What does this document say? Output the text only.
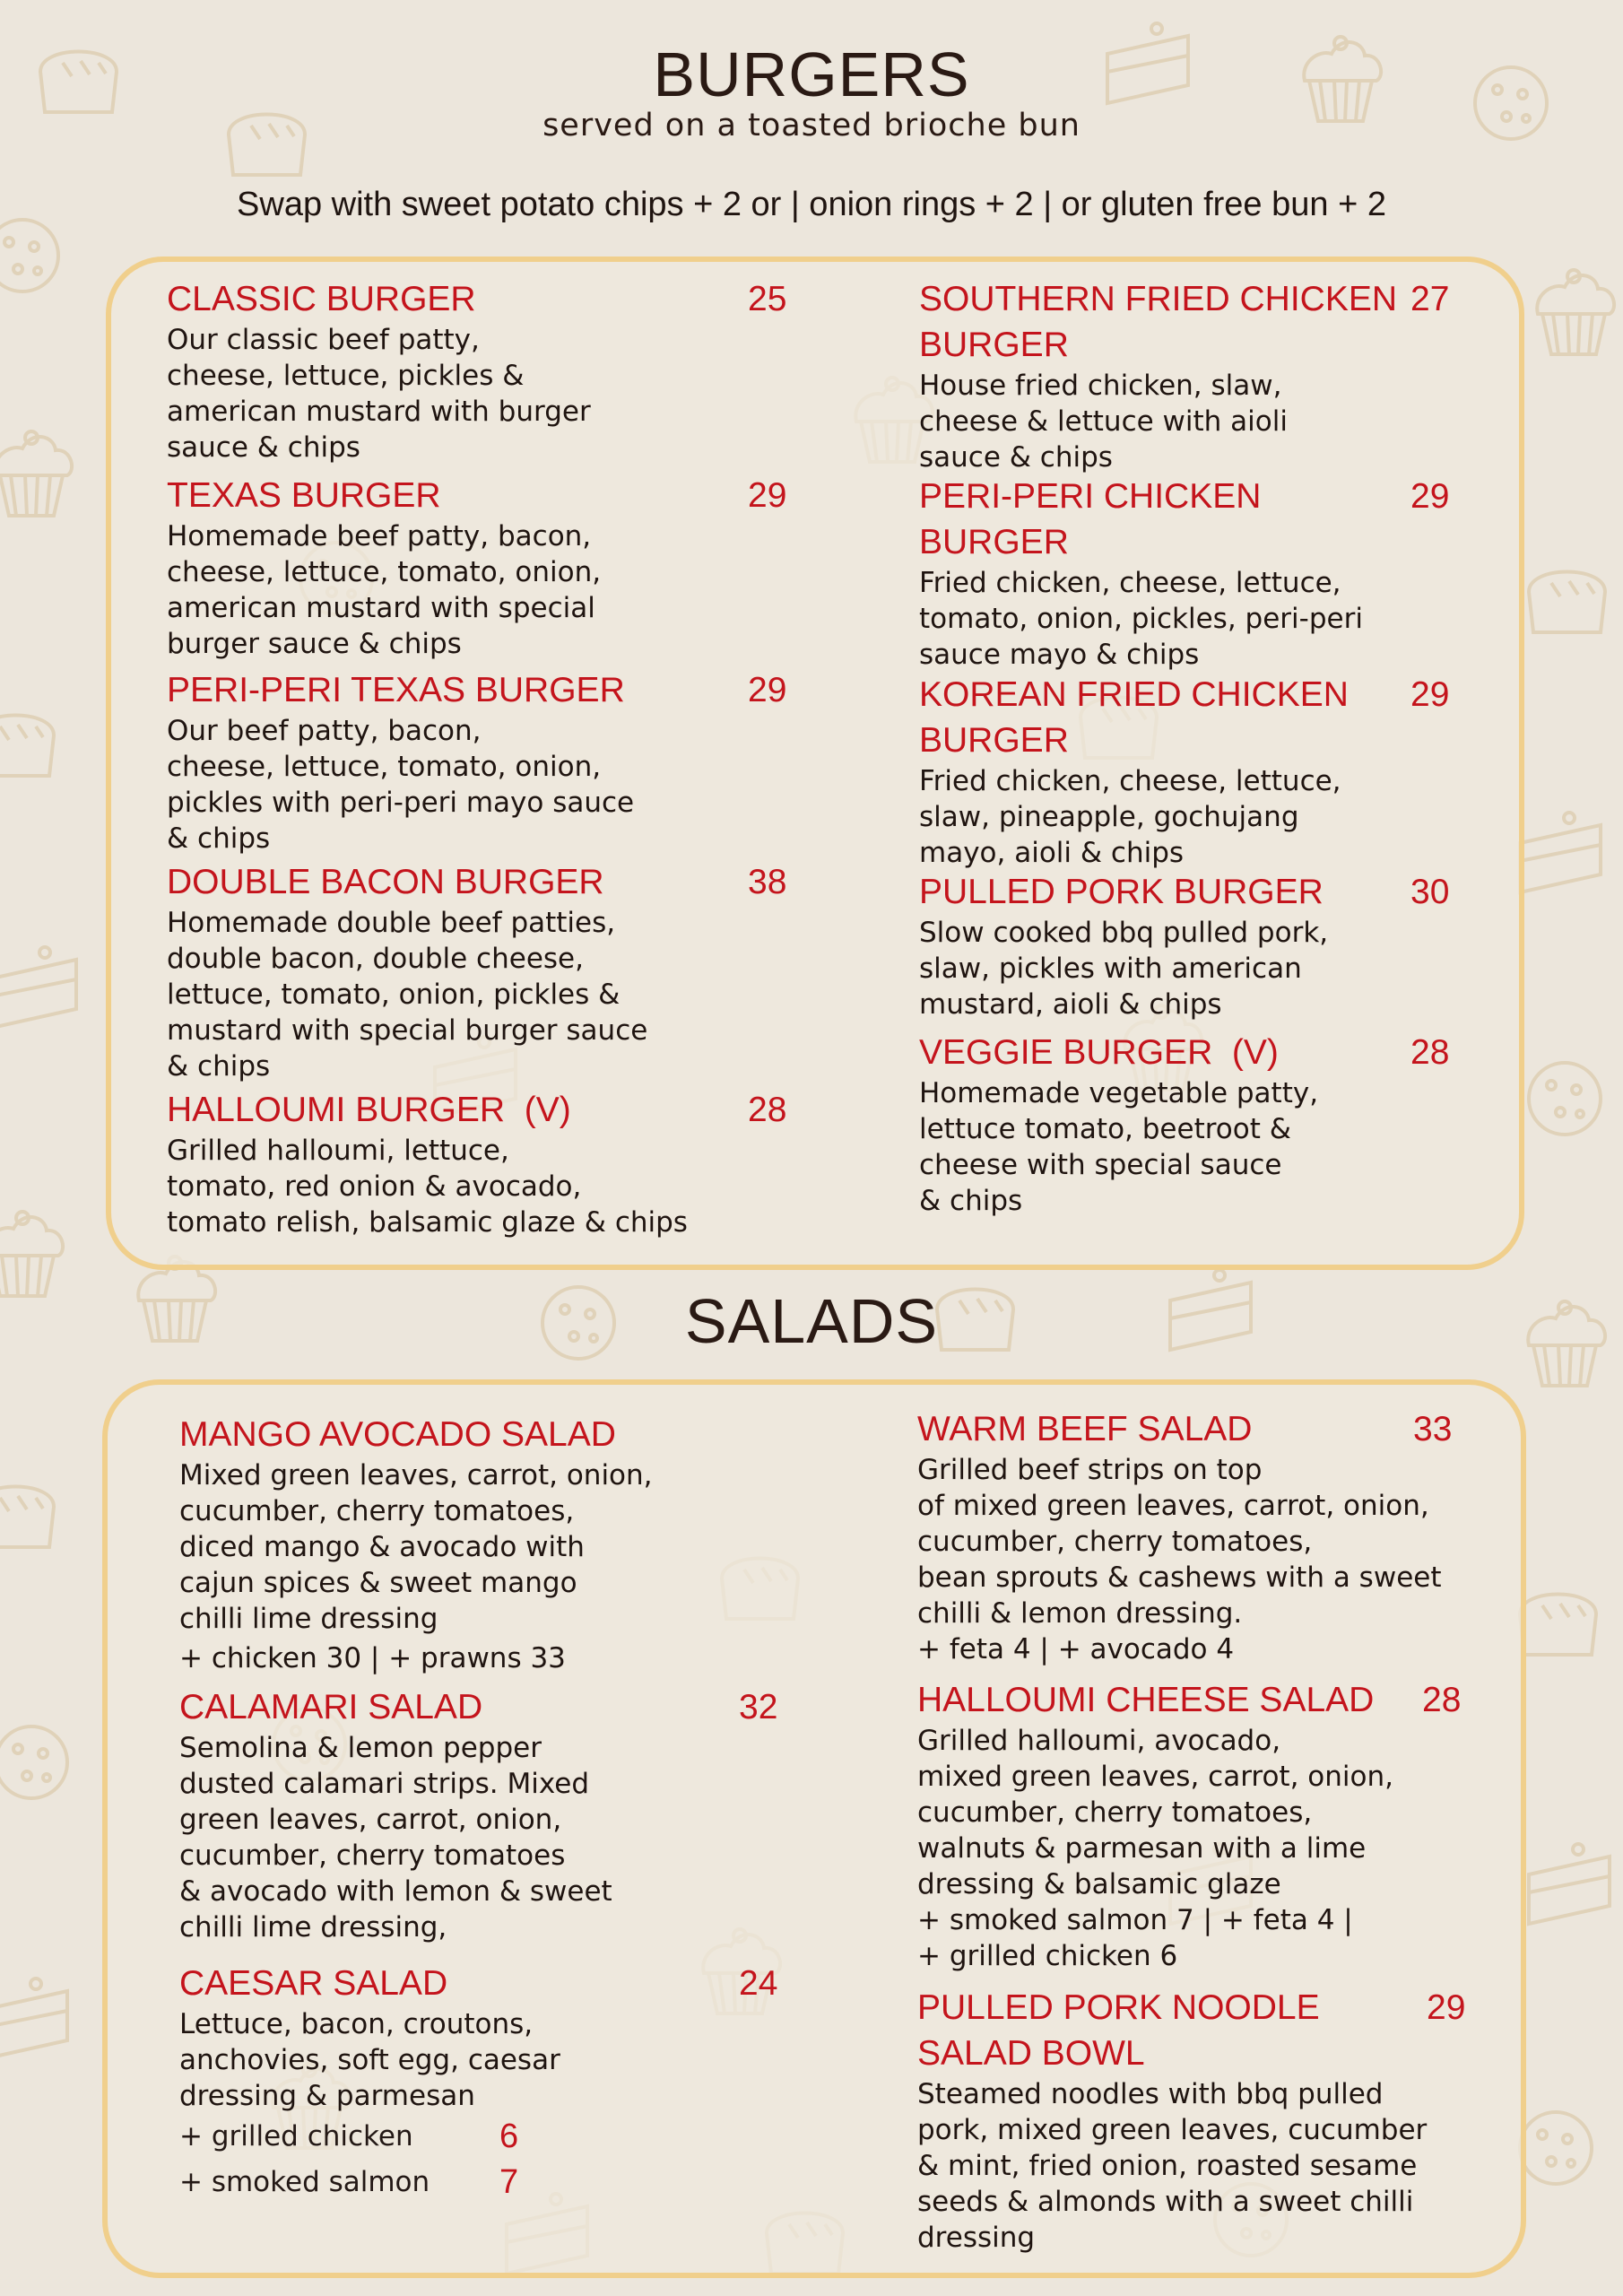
BURGERS
served on a toasted brioche bun
Swap with sweet potato chips + 2 or | onion rings + 2 | or gluten free bun + 2
CLASSIC BURGER	25

Our classic beef patty,
cheese, lettuce, pickles &
american mustard with burger
sauce & chips

TEXAS BURGER	29

Homemade beef patty, bacon,
cheese, lettuce, tomato, onion,
american mustard with special
burger sauce & chips

PERI-PERI TEXAS BURGER	29

Our beef patty, bacon,
cheese, lettuce, tomato, onion,
pickles with peri-peri mayo sauce
& chips

DOUBLE BACON BURGER	38

Homemade double beef patties,
double bacon, double cheese,
lettuce, tomato, onion, pickles &
mustard with special burger sauce
& chips

HALLOUMI BURGER  (V)	28

Grilled halloumi, lettuce,
tomato, red onion & avocado,
tomato relish, balsamic glaze & chips

SOUTHERN FRIED CHICKEN
BURGER
27

House fried chicken, slaw,
cheese & lettuce with aioli
sauce & chips

PERI-PERI CHICKEN
BURGER
29

Fried chicken, cheese, lettuce,
tomato, onion, pickles, peri-peri
sauce mayo & chips

KOREAN FRIED CHICKEN
BURGER
29

Fried chicken, cheese, lettuce,
slaw, pineapple, gochujang
mayo, aioli & chips

PULLED PORK BURGER	30

Slow cooked bbq pulled pork,
slaw, pickles with american
mustard, aioli & chips

VEGGIE BURGER  (V)	28

Homemade vegetable patty,
lettuce tomato, beetroot &
cheese with special sauce
& chips

SALADS
MANGO AVOCADO SALAD

Mixed green leaves, carrot, onion,
cucumber, cherry tomatoes,
diced mango & avocado with
cajun spices & sweet mango
chilli lime dressing

+ chicken 30 | + prawns 33

CALAMARI SALAD	32

Semolina & lemon pepper
dusted calamari strips. Mixed
green leaves, carrot, onion,
cucumber, cherry tomatoes
& avocado with lemon & sweet
chilli lime dressing,

CAESAR SALAD	24

Lettuce, bacon, croutons,
anchovies, soft egg, caesar
dressing & parmesan

+ grilled chicken	6
+ smoked salmon 7
WARM BEEF SALAD	33

Grilled beef strips on top
of mixed green leaves, carrot, onion,
cucumber, cherry tomatoes,
bean sprouts & cashews with a sweet
chilli & lemon dressing.

+ feta 4 | + avocado 4

HALLOUMI CHEESE SALAD	28

Grilled halloumi, avocado,
mixed green leaves, carrot, onion,
cucumber, cherry tomatoes,
walnuts & parmesan with a lime
dressing & balsamic glaze

+ smoked salmon 7 | + feta 4 |
+ grilled chicken 6

PULLED PORK NOODLE
SALAD BOWL
29

Steamed noodles with bbq pulled
pork, mixed green leaves, cucumber
& mint, fried onion, roasted sesame
seeds & almonds with a sweet chilli
dressing
